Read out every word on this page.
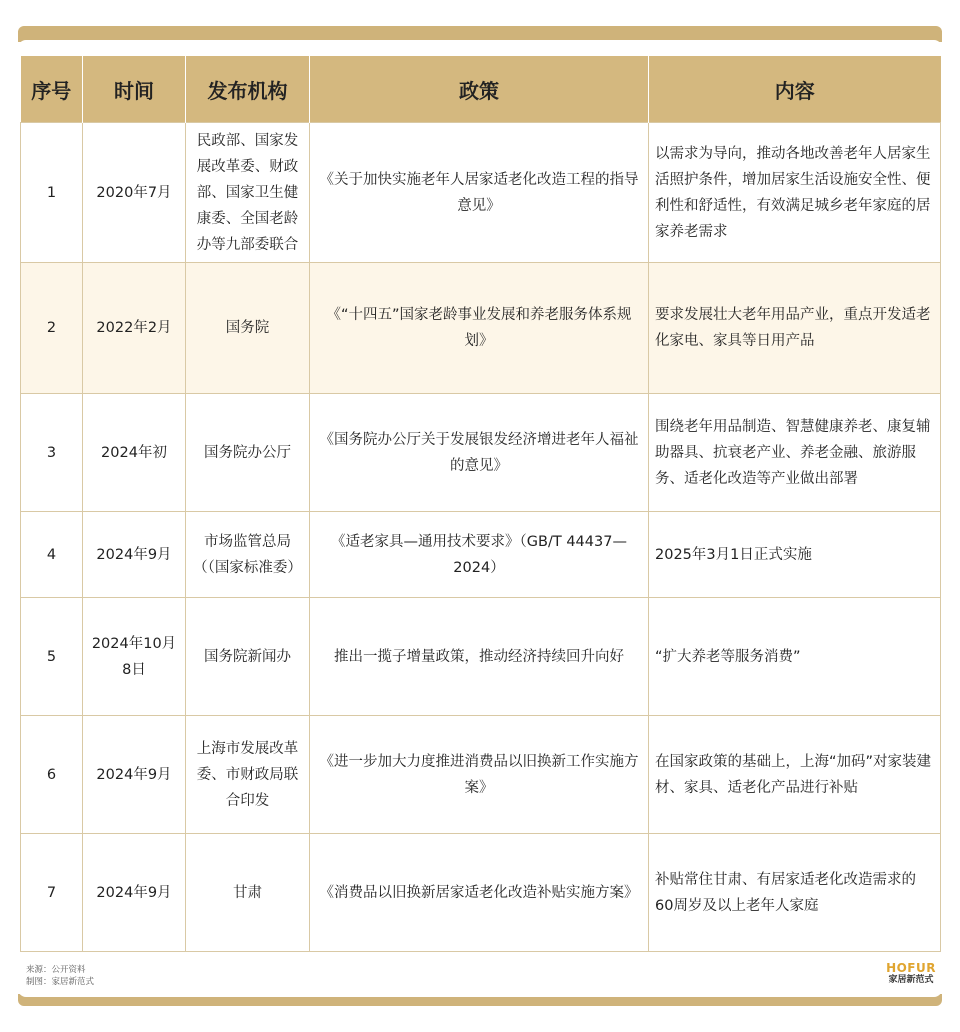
序号	时间	发布机构	政策	内容
1	2020年7月	民政部、国家发展改革委、财政部、国家卫生健康委、全国老龄办等九部委联合	《关于加快实施老年人居家适老化改造工程的指导意见》	以需求为导向，推动各地改善老年人居家生活照护条件，增加居家生活设施安全性、便利性和舒适性，有效满足城乡老年家庭的居家养老需求
2	2022年2月	国务院	《“十四五”国家老龄事业发展和养老服务体系规划》	要求发展壮大老年用品产业，重点开发适老化家电、家具等日用产品
3	2024年初	国务院办公厅	《国务院办公厅关于发展银发经济增进老年人福祉的意见》	围绕老年用品制造、智慧健康养老、康复辅助器具、抗衰老产业、养老金融、旅游服务、适老化改造等产业做出部署
4	2024年9月	市场监管总局（（国家标准委）	《适老家具—通用技术要求》（GB/T 44437—2024）	2025年3月1日正式实施
5	2024年10月8日	国务院新闻办	推出一揽子增量政策，推动经济持续回升向好	“扩大养老等服务消费”
6	2024年9月	上海市发展改革委、市财政局联合印发	《进一步加大力度推进消费品以旧换新工作实施方案》	在国家政策的基础上，上海“加码”对家装建材、家具、适老化产品进行补贴
7	2024年9月	甘肃	《消费品以旧换新居家适老化改造补贴实施方案》	补贴常住甘肃、有居家适老化改造需求的60周岁及以上老年人家庭
来源：公开资料
制图：家居新范式
HOFUR
家居新范式
